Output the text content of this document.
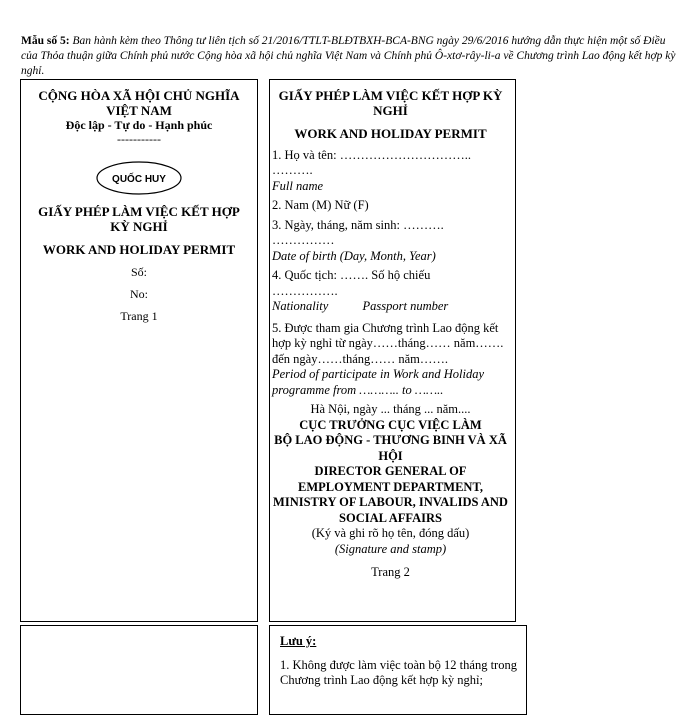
Mẫu số 5: Ban hành kèm theo Thông tư liên tịch số 21/2016/TTLT-BLĐTBXH-BCA-BNG ngày 29/6/2016 hướng dẫn thực hiện một số Điều của Thỏa thuận giữa Chính phủ nước Cộng hòa xã hội chủ nghĩa Việt Nam và Chính phủ Ô-xtơ-rây-li-a về Chương trình Lao động kết hợp kỳ nghỉ.
CỘNG HÒA XÃ HỘI CHỦ NGHĨA
VIỆT NAM
Độc lập - Tự do - Hạnh phúc
-----------
QUỐC HUY
GIẤY PHÉP LÀM VIỆC KẾT HỢP KỲ NGHỈ
WORK AND HOLIDAY PERMIT
Số:
No:
Trang 1
GIẤY PHÉP LÀM VIỆC KẾT HỢP KỲ NGHỈ
WORK AND HOLIDAY PERMIT
1. Họ và tên: …………………………..
……….
Full name
2. Nam (M) Nữ (F)
3. Ngày, tháng, năm sinh: ……….
……………
Date of birth (Day, Month, Year)
4. Quốc tịch: ……. Số hộ chiếu
…………….
Nationality	Passport number
5. Được tham gia Chương trình Lao động kết hợp kỳ nghỉ từ ngày……tháng…… năm……. đến ngày……tháng…… năm…….
Period of participate in Work and Holiday programme from ……….. to ……..
Hà Nội, ngày ... tháng ... năm....
CỤC TRƯỞNG CỤC VIỆC LÀM
BỘ LAO ĐỘNG - THƯƠNG BINH VÀ XÃ HỘI
DIRECTOR GENERAL OF EMPLOYMENT DEPARTMENT, MINISTRY OF LABOUR, INVALIDS AND SOCIAL AFFAIRS
(Ký và ghi rõ họ tên, đóng dấu)
(Signature and stamp)
Trang 2
Lưu ý:
1. Không được làm việc toàn bộ 12 tháng trong Chương trình Lao động kết hợp kỳ nghỉ;
